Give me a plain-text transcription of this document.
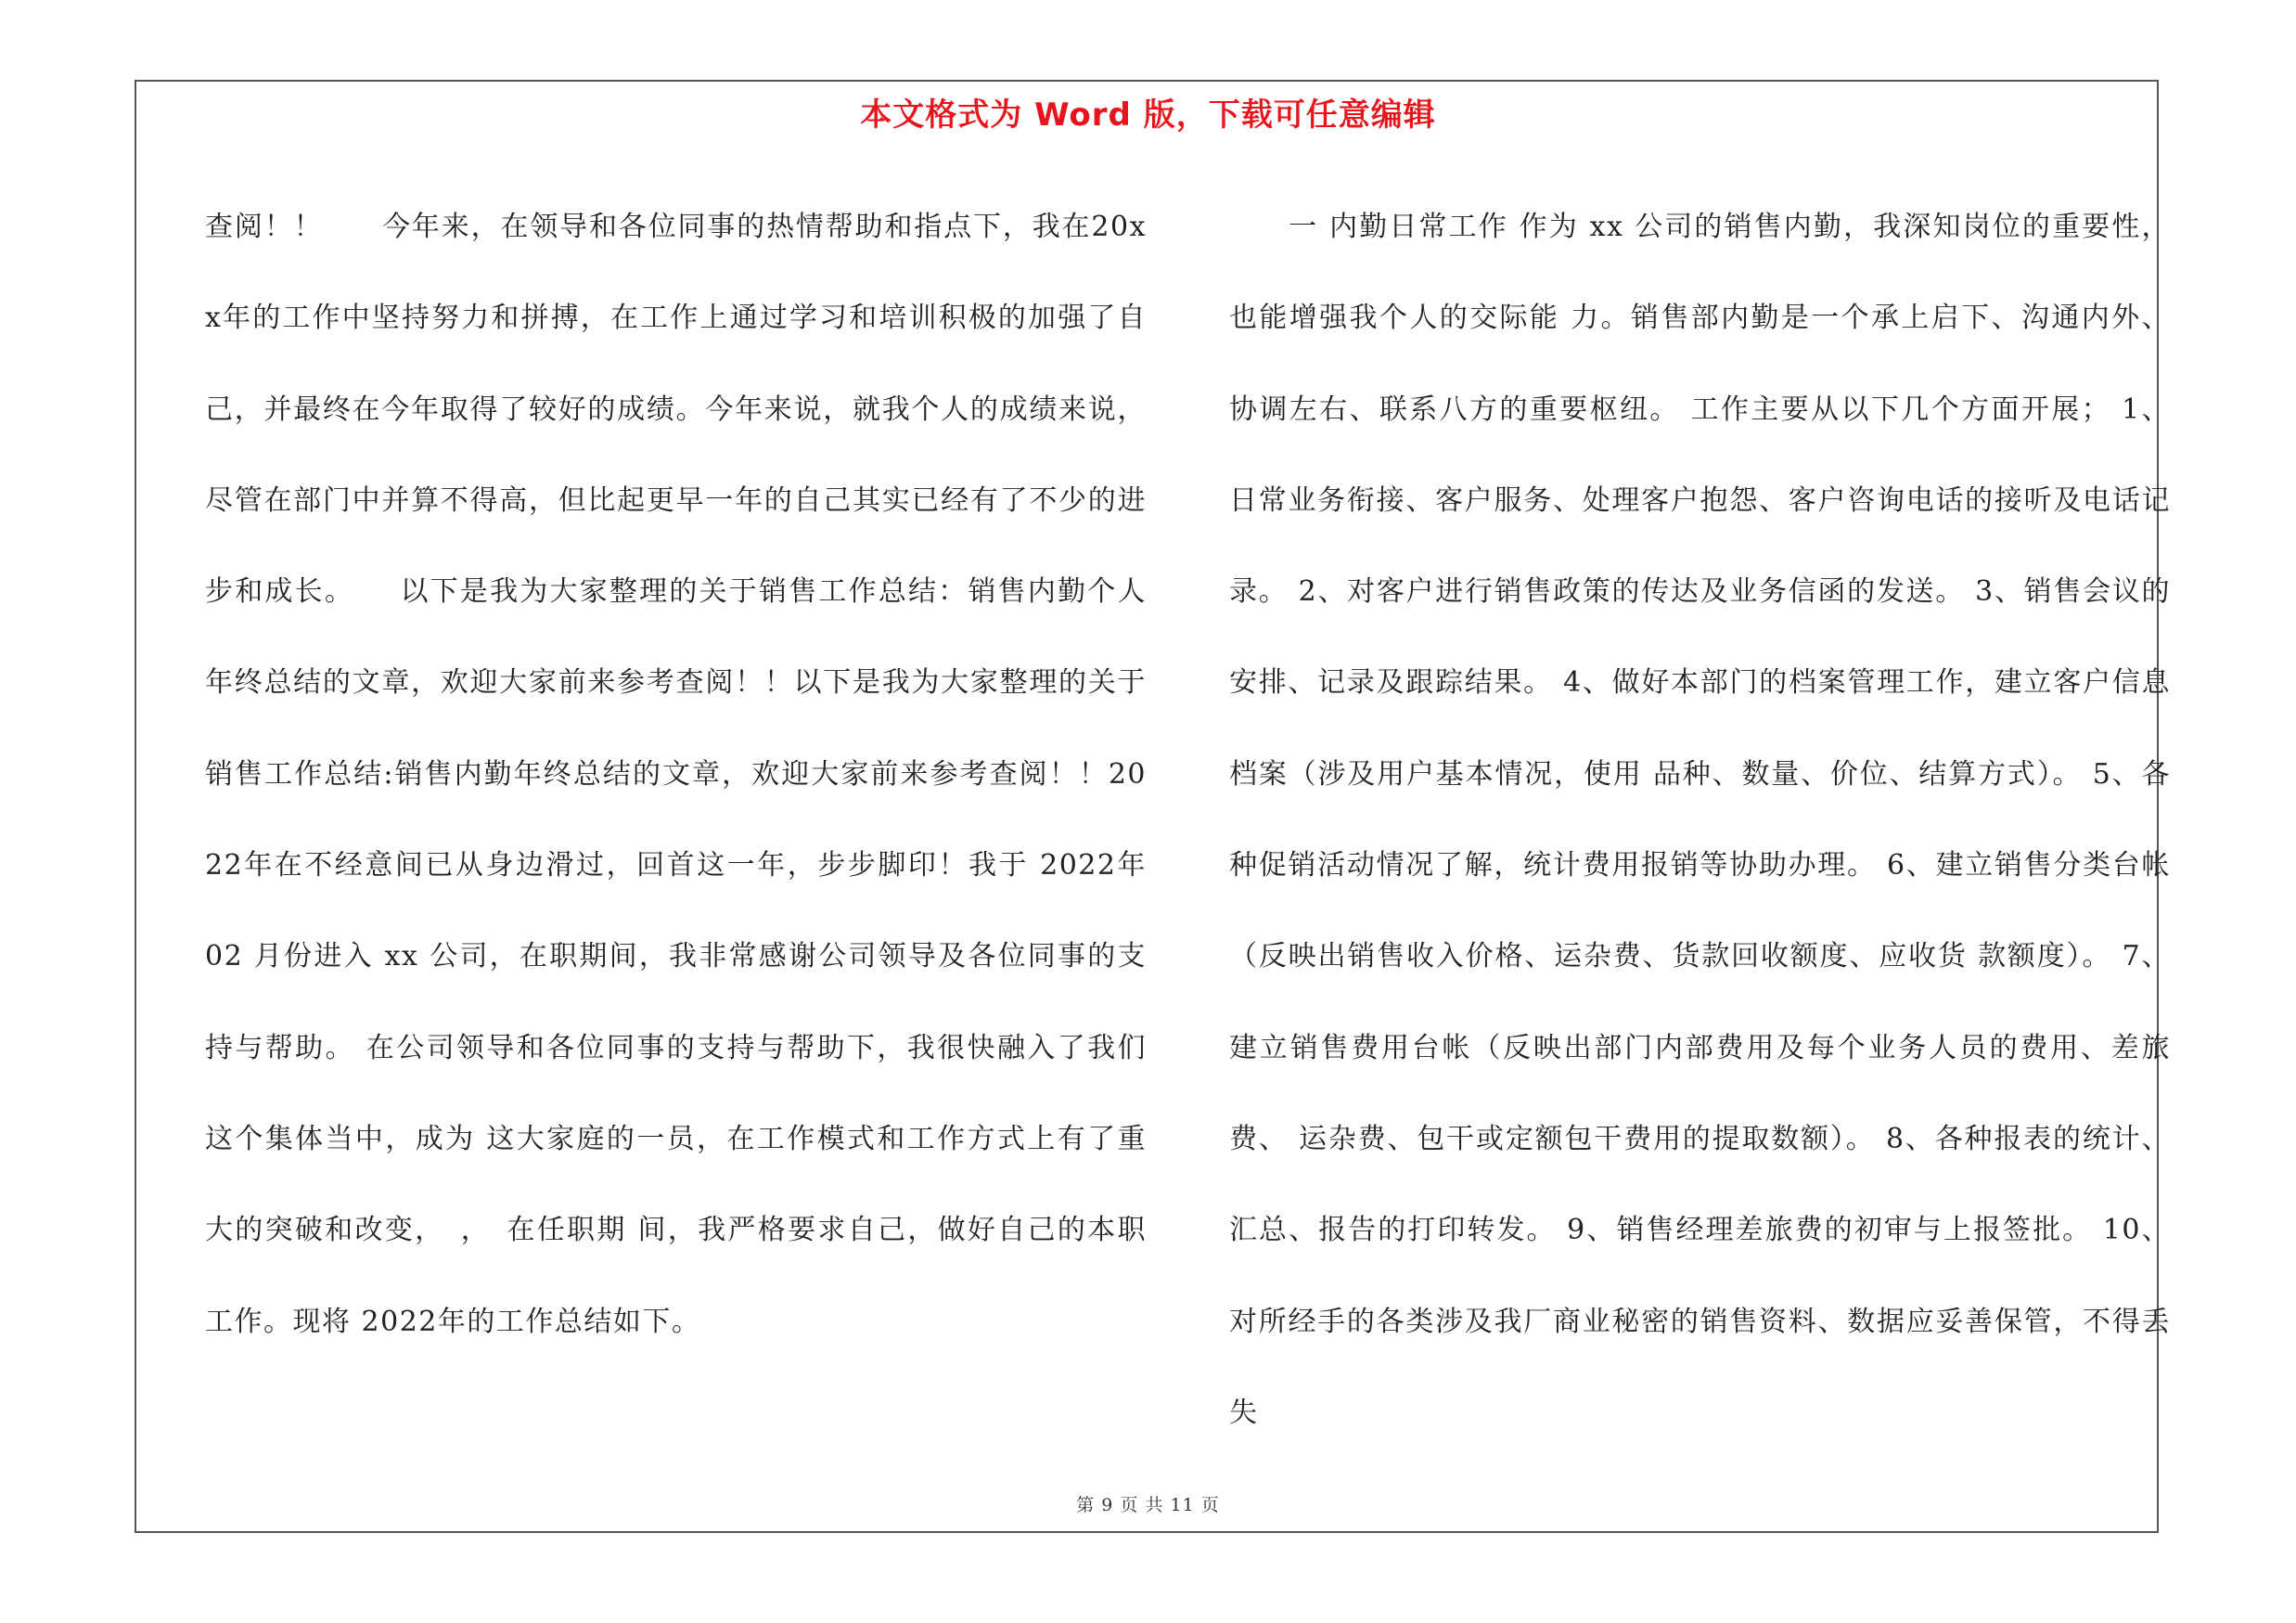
本文格式为 Word 版，下载可任意编辑
查阅！！　　今年来，在领导和各位同事的热情帮助和指点下，我在20xx年的工作中坚持努力和拼搏，在工作上通过学习和培训积极的加强了自己，并最终在今年取得了较好的成绩。今年来说，就我个人的成绩来说，尽管在部门中并算不得高，但比起更早一年的自己其实已经有了不少的进步和成长。　　以下是我为大家整理的关于销售工作总结：销售内勤个人年终总结的文章，欢迎大家前来参考查阅！！以下是我为大家整理的关于销售工作总结:销售内勤年终总结的文章，欢迎大家前来参考查阅！！2022年在不经意间已从身边滑过，回首这一年，步步脚印！我于 2022年 02 月份进入 xx 公司，在职期间，我非常感谢公司领导及各位同事的支持与帮助。 在公司领导和各位同事的支持与帮助下，我很快融入了我们这个集体当中，成为 这大家庭的一员，在工作模式和工作方式上有了重大的突破和改变，　，　在任职期 间，我严格要求自己，做好自己的本职工作。现将 2022年的工作总结如下。
　　一 内勤日常工作 作为 xx 公司的销售内勤，我深知岗位的重要性，也能增强我个人的交际能 力。销售部内勤是一个承上启下、沟通内外、协调左右、联系八方的重要枢纽。 工作主要从以下几个方面开展； 1、日常业务衔接、客户服务、处理客户抱怨、客户咨询电话的接听及电话记录。 2、对客户进行销售政策的传达及业务信函的发送。 3、销售会议的安排、记录及跟踪结果。 4、做好本部门的档案管理工作，建立客户信息档案（涉及用户基本情况，使用 品种、数量、价位、结算方式）。 5、各种促销活动情况了解，统计费用报销等协助办理。 6、建立销售分类台帐（反映出销售收入价格、运杂费、货款回收额度、应收货 款额度）。 7、建立销售费用台帐（反映出部门内部费用及每个业务人员的费用、差旅费、 运杂费、包干或定额包干费用的提取数额）。 8、各种报表的统计、汇总、报告的打印转发。 9、销售经理差旅费的初审与上报签批。 10、对所经手的各类涉及我厂商业秘密的销售资料、数据应妥善保管，不得丢失
第 9 页 共 11 页
